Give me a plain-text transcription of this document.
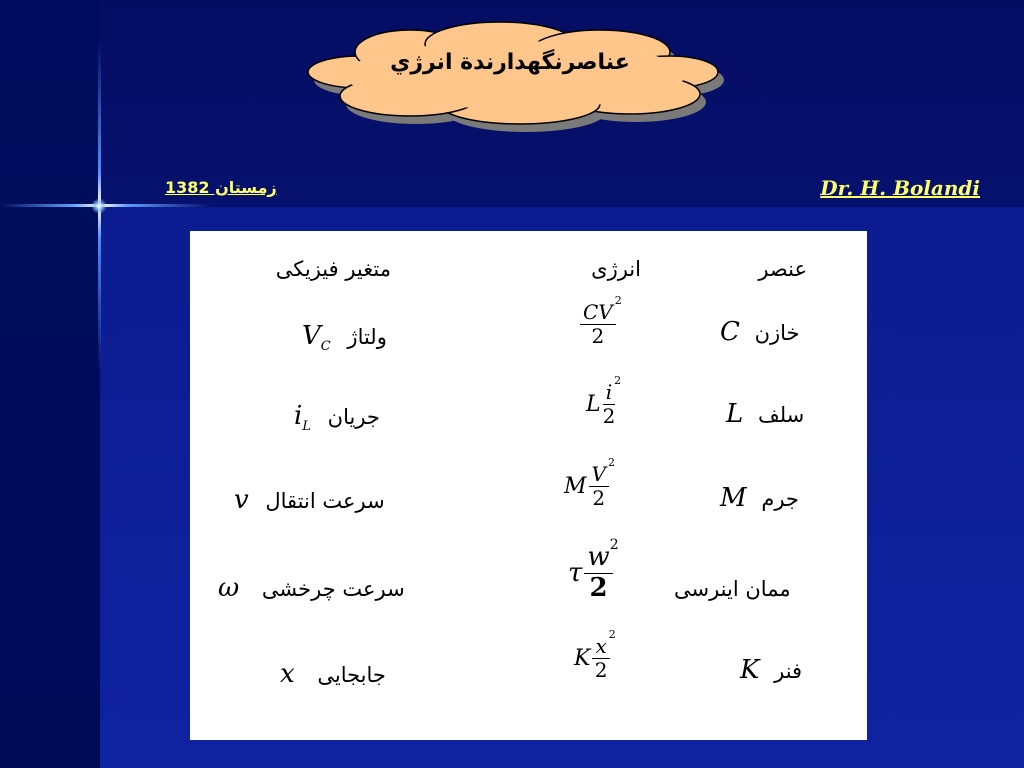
عناصرنگهدارندة انرژي
زمستان 1382	Dr. H. Bolandi
عنصر
انرژی
متغیر فیزیکی
C خازن
$\frac{CV 2}{2}$
$V_C$ ولتاژ
L سلف
L $\frac{i 2}{2}$
$i_L$ جریان
M جرم
M $\frac{V 2}{2}$
v سرعت انتقال
ممان اینرسی
τ $\frac{w 2}{2}$
ω سرعت چرخشی
K فنر
K $\frac{x 2}{2}$
x جابجایی
